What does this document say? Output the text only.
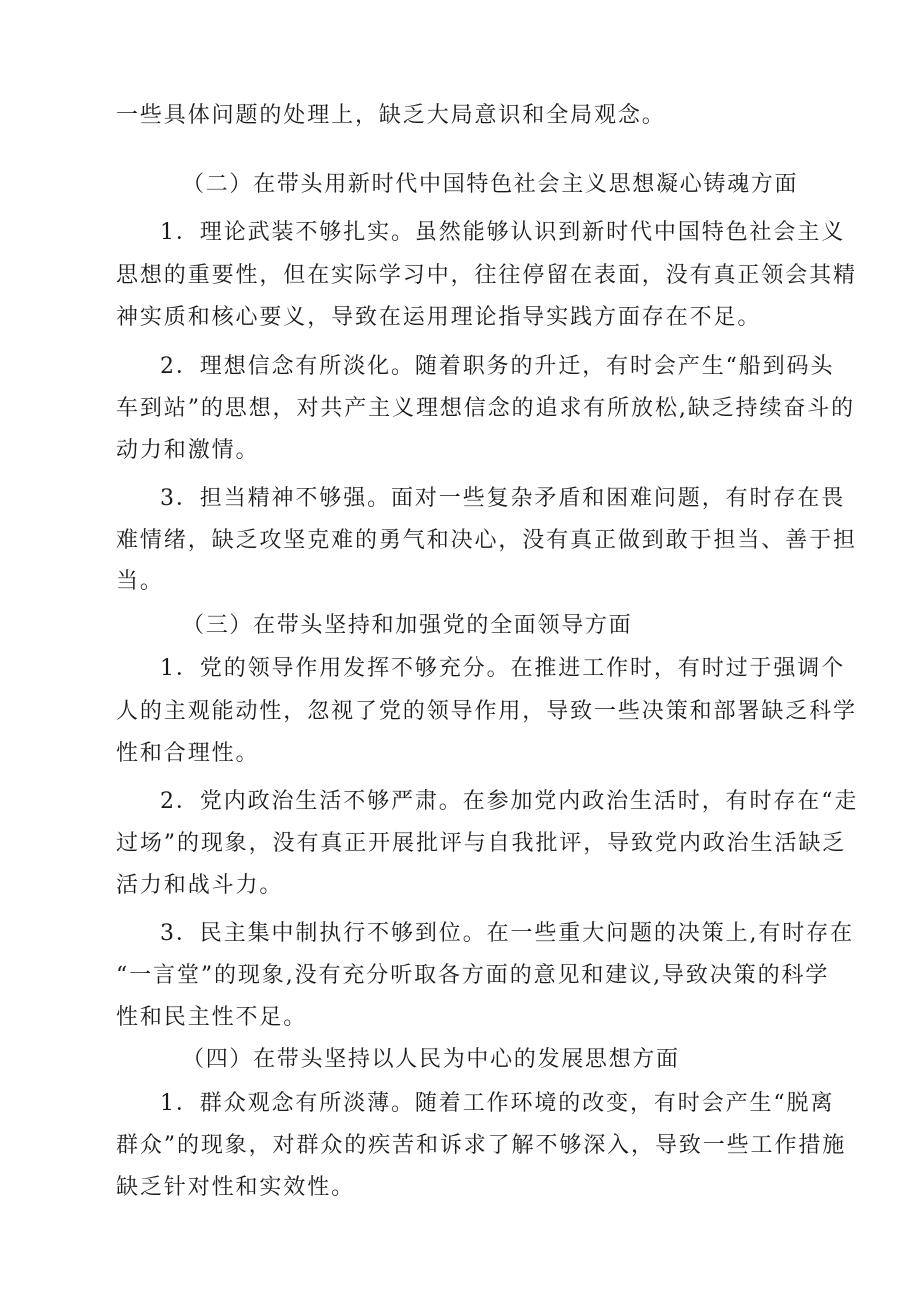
一些具体问题的处理上，缺乏大局意识和全局观念。
（二）在带头用新时代中国特色社会主义思想凝心铸魂方面
1．理论武装不够扎实。虽然能够认识到新时代中国特色社会主义
思想的重要性，但在实际学习中，往往停留在表面，没有真正领会其精
神实质和核心要义，导致在运用理论指导实践方面存在不足。
2．理想信念有所淡化。随着职务的升迁，有时会产生“船到码头
车到站”的思想，对共产主义理想信念的追求有所放松,缺乏持续奋斗的
动力和激情。
3．担当精神不够强。面对一些复杂矛盾和困难问题，有时存在畏
难情绪，缺乏攻坚克难的勇气和决心，没有真正做到敢于担当、善于担
当。
（三）在带头坚持和加强党的全面领导方面
1．党的领导作用发挥不够充分。在推进工作时，有时过于强调个
人的主观能动性，忽视了党的领导作用，导致一些决策和部署缺乏科学
性和合理性。
2．党内政治生活不够严肃。在参加党内政治生活时，有时存在“走
过场”的现象，没有真正开展批评与自我批评，导致党内政治生活缺乏
活力和战斗力。
3．民主集中制执行不够到位。在一些重大问题的决策上,有时存在
“一言堂”的现象,没有充分听取各方面的意见和建议,导致决策的科学
性和民主性不足。
（四）在带头坚持以人民为中心的发展思想方面
1．群众观念有所淡薄。随着工作环境的改变，有时会产生“脱离
群众”的现象，对群众的疾苦和诉求了解不够深入，导致一些工作措施
缺乏针对性和实效性。
